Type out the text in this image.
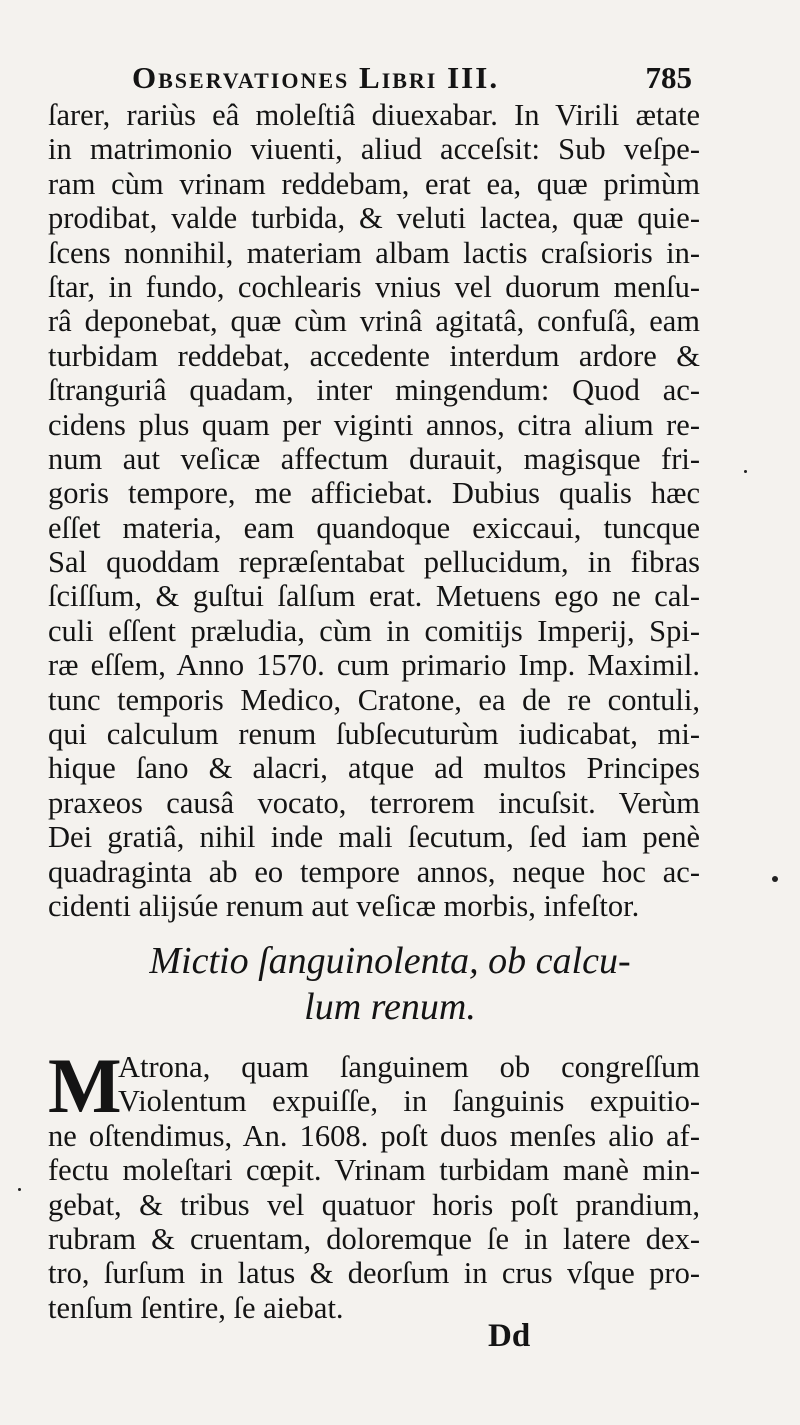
Observationes Libri III.	785
ſarer, rariùs eâ moleſtiâ diuexabar. In Virili ætate
in matrimonio viuenti, aliud acceſsit: Sub veſpe-
ram cùm vrinam reddebam, erat ea, quæ primùm
prodibat, valde turbida, & veluti lactea, quæ quie-
ſcens nonnihil, materiam albam lactis craſsioris in-
ſtar, in fundo, cochlearis vnius vel duorum menſu-
râ deponebat, quæ cùm vrinâ agitatâ, confuſâ, eam
turbidam reddebat, accedente interdum ardore &
ſtranguriâ quadam, inter mingendum: Quod ac-
cidens plus quam per viginti annos, citra alium re-
num aut veſicæ affectum durauit, magisque fri-
goris tempore, me afficiebat. Dubius qualis hæc
eſſet materia, eam quandoque exiccaui, tuncque
Sal quoddam repræſentabat pellucidum, in fibras
ſciſſum, & guſtui ſalſum erat. Metuens ego ne cal-
culi eſſent præludia, cùm in comitijs Imperij, Spi-
ræ eſſem, Anno 1570. cum primario Imp. Maximil.
tunc temporis Medico, Cratone, ea de re contuli,
qui calculum renum ſubſecuturùm iudicabat, mi-
hique ſano & alacri, atque ad multos Principes
praxeos causâ vocato, terrorem incuſsit. Verùm
Dei gratiâ, nihil inde mali ſecutum, ſed iam penè
quadraginta ab eo tempore annos, neque hoc ac-
cidenti alijsúe renum aut veſicæ morbis, infeſtor.
Mictio ſanguinolenta, ob calcu-
lum renum.
M
Atrona, quam ſanguinem ob congreſſum
Violentum expuiſſe, in ſanguinis expuitio-
ne oſtendimus, An. 1608. poſt duos menſes alio af-
fectu moleſtari cœpit. Vrinam turbidam manè min-
gebat, & tribus vel quatuor horis poſt prandium,
rubram & cruentam, doloremque ſe in latere dex-
tro, ſurſum in latus & deorſum in crus vſque pro-
tenſum ſentire, ſe aiebat.
Dd
